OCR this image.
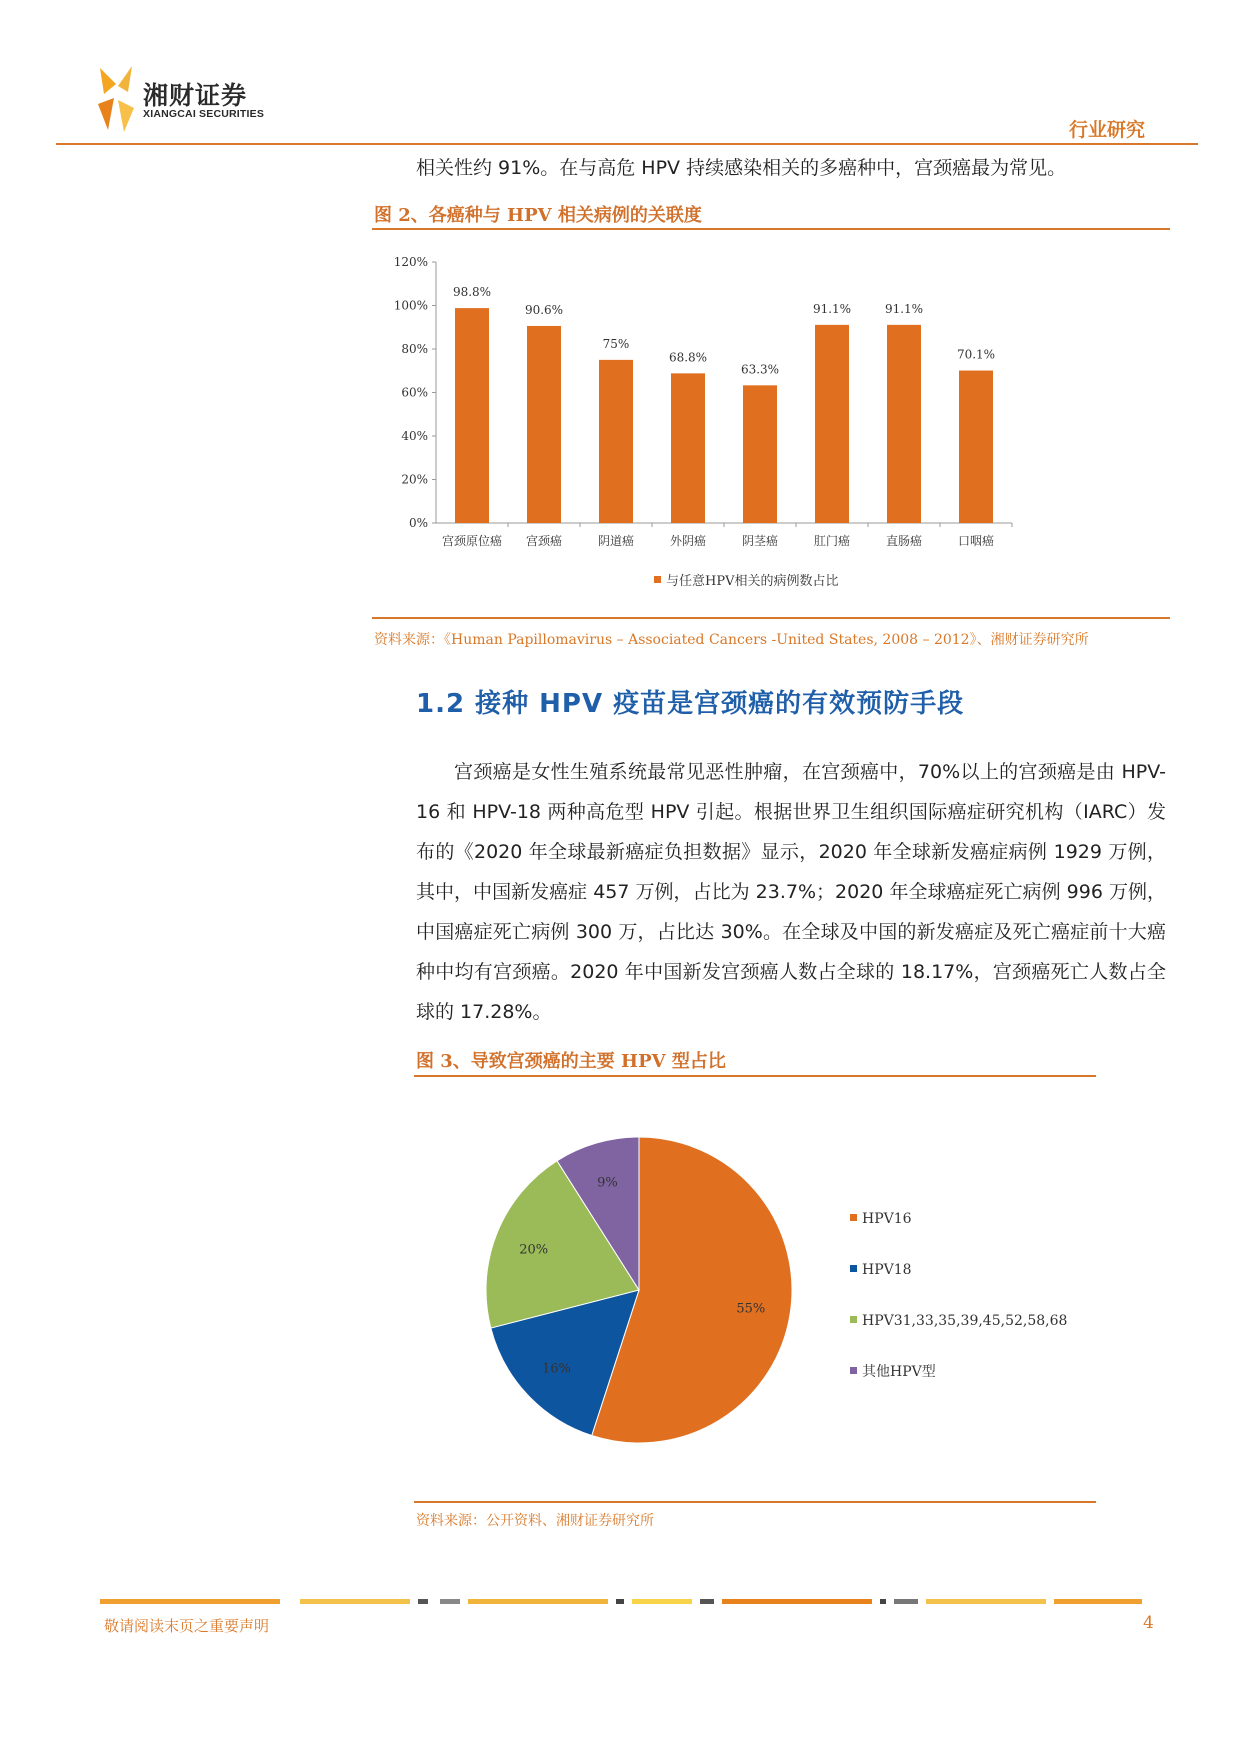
湘财证券
XIANGCAI SECURITIES
行业研究
相关性约 91%。在与高危 HPV 持续感染相关的多癌种中，宫颈癌最为常见。
图 2、各癌种与 HPV 相关病例的关联度
0%
20%
40%
60%
80%
100%
120%
98.8%
宫颈原位癌
90.6%
宫颈癌
75%
阴道癌
68.8%
外阴癌
63.3%
阴茎癌
91.1%
肛门癌
91.1%
直肠癌
70.1%
口咽癌
与任意HPV相关的病例数占比
资料来源：《Human Papillomavirus – Associated Cancers -United States, 2008 – 2012》、湘财证券研究所
1.2 接种 HPV 疫苗是宫颈癌的有效预防手段

宫颈癌是女性生殖系统最常见恶性肿瘤，在宫颈癌中，70%以上的宫颈癌是由 HPV-16 和 HPV-18 两种高危型 HPV 引起。根据世界卫生组织国际癌症研究机构（IARC）发布的《2020 年全球最新癌症负担数据》显示，2020 年全球新发癌症病例 1929 万例，其中，中国新发癌症 457 万例，占比为 23.7%；2020 年全球癌症死亡病例 996 万例，中国癌症死亡病例 300 万，占比达 30%。在全球及中国的新发癌症及死亡癌症前十大癌种中均有宫颈癌。2020 年中国新发宫颈癌人数占全球的 18.17%，宫颈癌死亡人数占全球的 17.28%。

图 3、导致宫颈癌的主要 HPV 型占比
55%
16%
20%
9%
HPV16
HPV18
HPV31,33,35,39,45,52,58,68
其他HPV型
资料来源：公开资料、湘财证券研究所
敬请阅读末页之重要声明	4
